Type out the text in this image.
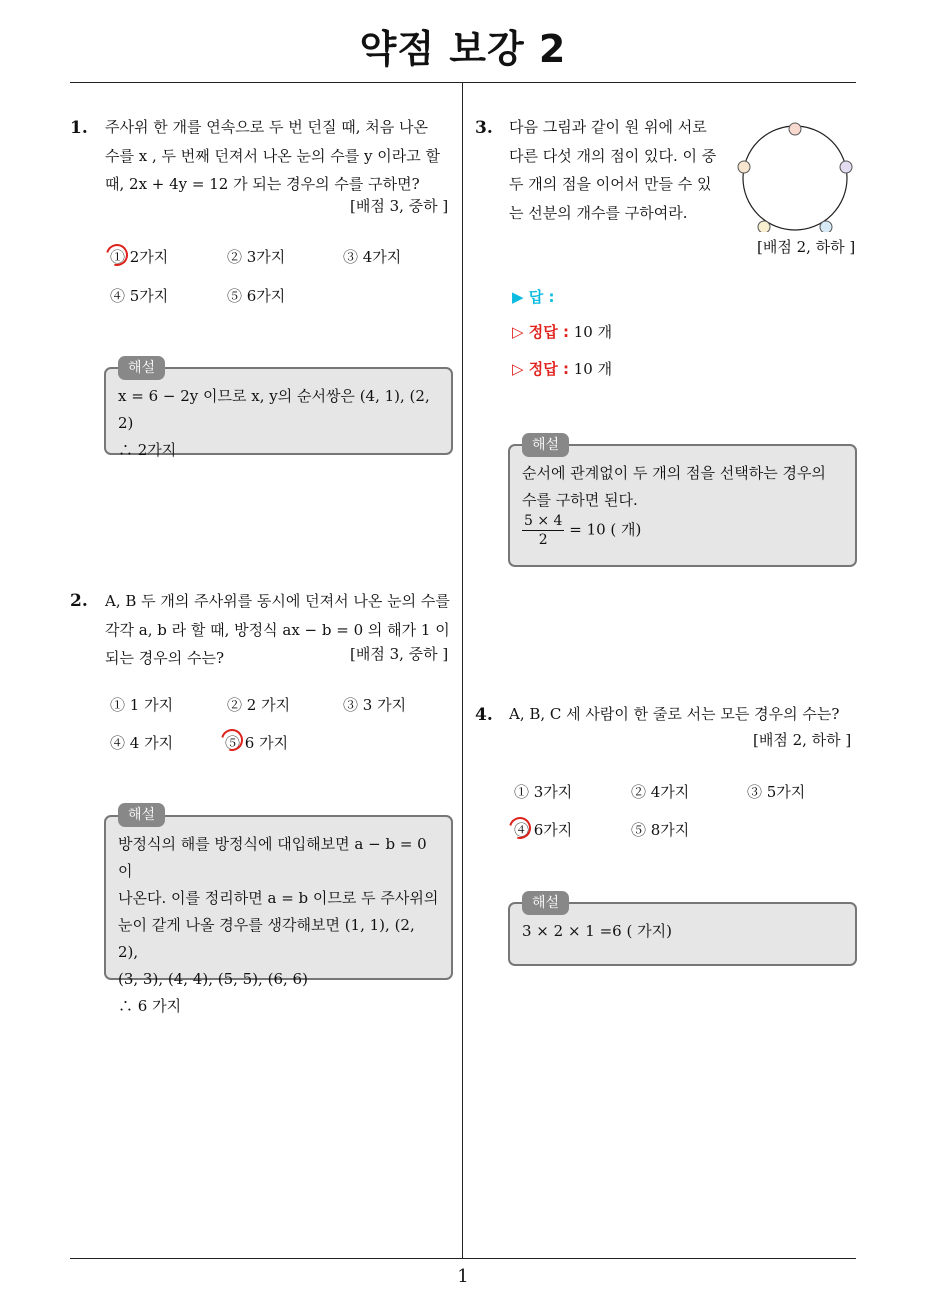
약점 보강 2
1
1. 주사위 한 개를 연속으로 두 번 던질 때, 처음 나온
수를 x , 두 번째 던져서 나온 눈의 수를 y 이라고 할
때, 2x + 4y = 12 가 되는 경우의 수를 구하면?
[배점 3, 중하 ]
① 2가지	② 3가지	③ 4가지
④ 5가지	⑤ 6가지
x = 6 − 2y 이므로 x, y의 순서쌍은 (4, 1), (2, 2)
∴ 2가지
해설
2. A, B 두 개의 주사위를 동시에 던져서 나온 눈의 수를
각각 a, b 라 할 때, 방정식 ax − b = 0 의 해가 1 이
되는 경우의 수는?	[배점 3, 중하 ]
① 1 가지	② 2 가지	③ 3 가지
④ 4 가지	⑤ 6 가지
방정식의 해를 방정식에 대입해보면 a − b = 0이
나온다. 이를 정리하면 a = b 이므로 두 주사위의
눈이 같게 나올 경우를 생각해보면 (1, 1), (2, 2),
(3, 3), (4, 4), (5, 5), (6, 6)
∴ 6 가지
해설
3. 다음 그림과 같이 원 위에 서로
다른 다섯 개의 점이 있다. 이 중
두 개의 점을 이어서 만들 수 있
는 선분의 개수를 구하여라.
[배점 2, 하하 ]
▶ 답 :
▷ 정답 : 10 개
▷ 정답 : 10 개
순서에 관계없이 두 개의 점을 선택하는 경우의
수를 구하면 된다.
$\frac{5 \times 4}{2} = 10$ ( 개)
해설
4. A, B, C 세 사람이 한 줄로 서는 모든 경우의 수는?
[배점 2, 하하 ]
① 3가지	② 4가지	③ 5가지
④ 6가지	⑤ 8가지
3 × 2 × 1 =6 ( 가지)
해설
